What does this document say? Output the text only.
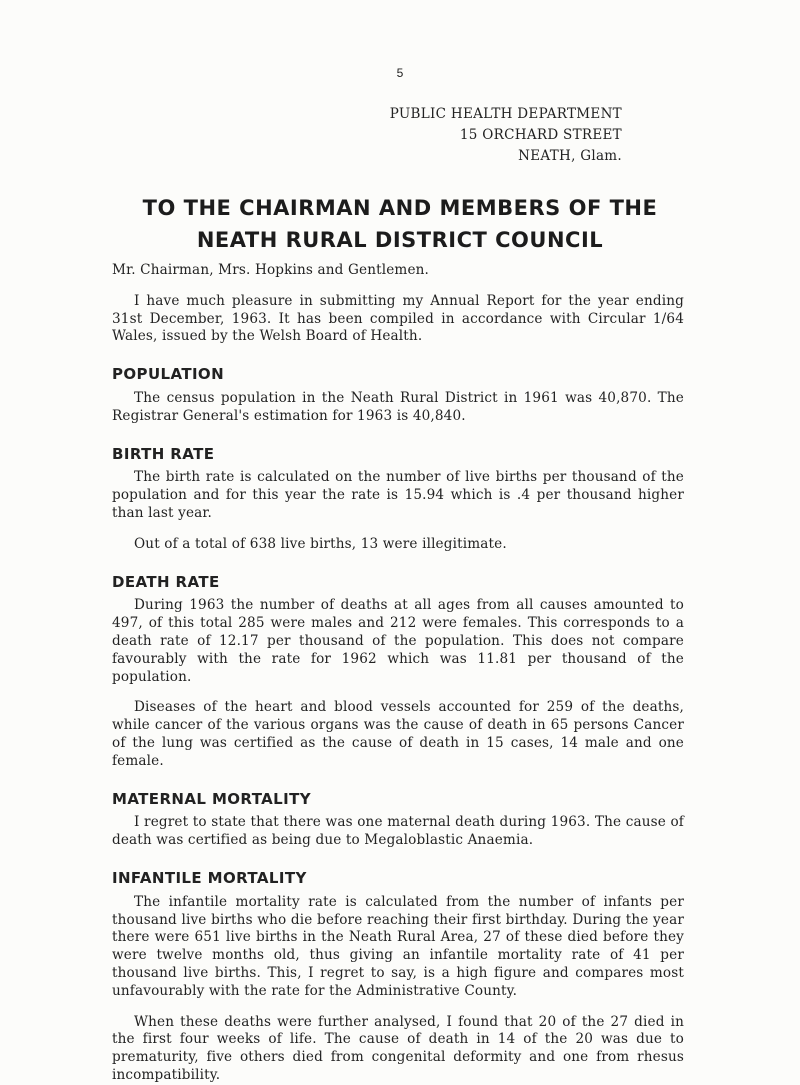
5
PUBLIC HEALTH DEPARTMENT
15 ORCHARD STREET
NEATH, Glam.
TO THE CHAIRMAN AND MEMBERS OF THE
NEATH RURAL DISTRICT COUNCIL

Mr. Chairman, Mrs. Hopkins and Gentlemen.

I have much pleasure in submitting my Annual Report for the year ending 31st December, 1963. It has been compiled in accordance with Circular 1/64 Wales, issued by the Welsh Board of Health.

POPULATION

The census population in the Neath Rural District in 1961 was 40,870. The Registrar General's estimation for 1963 is 40,840.

BIRTH RATE

The birth rate is calculated on the number of live births per thousand of the population and for this year the rate is 15.94 which is .4 per thousand higher than last year.

Out of a total of 638 live births, 13 were illegitimate.

DEATH RATE

During 1963 the number of deaths at all ages from all causes amounted to 497, of this total 285 were males and 212 were females. This corresponds to a death rate of 12.17 per thousand of the population. This does not compare favourably with the rate for 1962 which was 11.81 per thousand of the population.

Diseases of the heart and blood vessels accounted for 259 of the deaths, while cancer of the various organs was the cause of death in 65 persons Cancer of the lung was certified as the cause of death in 15 cases, 14 male and one female.

MATERNAL MORTALITY

I regret to state that there was one maternal death during 1963. The cause of death was certified as being due to Megaloblastic Anaemia.

INFANTILE MORTALITY

The infantile mortality rate is calculated from the number of infants per thousand live births who die before reaching their first birthday. During the year there were 651 live births in the Neath Rural Area, 27 of these died before they were twelve months old, thus giving an infantile mortality rate of 41 per thousand live births. This, I regret to say, is a high figure and compares most unfavourably with the rate for the Administrative County.

When these deaths were further analysed, I found that 20 of the 27 died in the first four weeks of life. The cause of death in 14 of the 20 was due to prematurity, five others died from congenital deformity and one from rhesus incompatibility.
